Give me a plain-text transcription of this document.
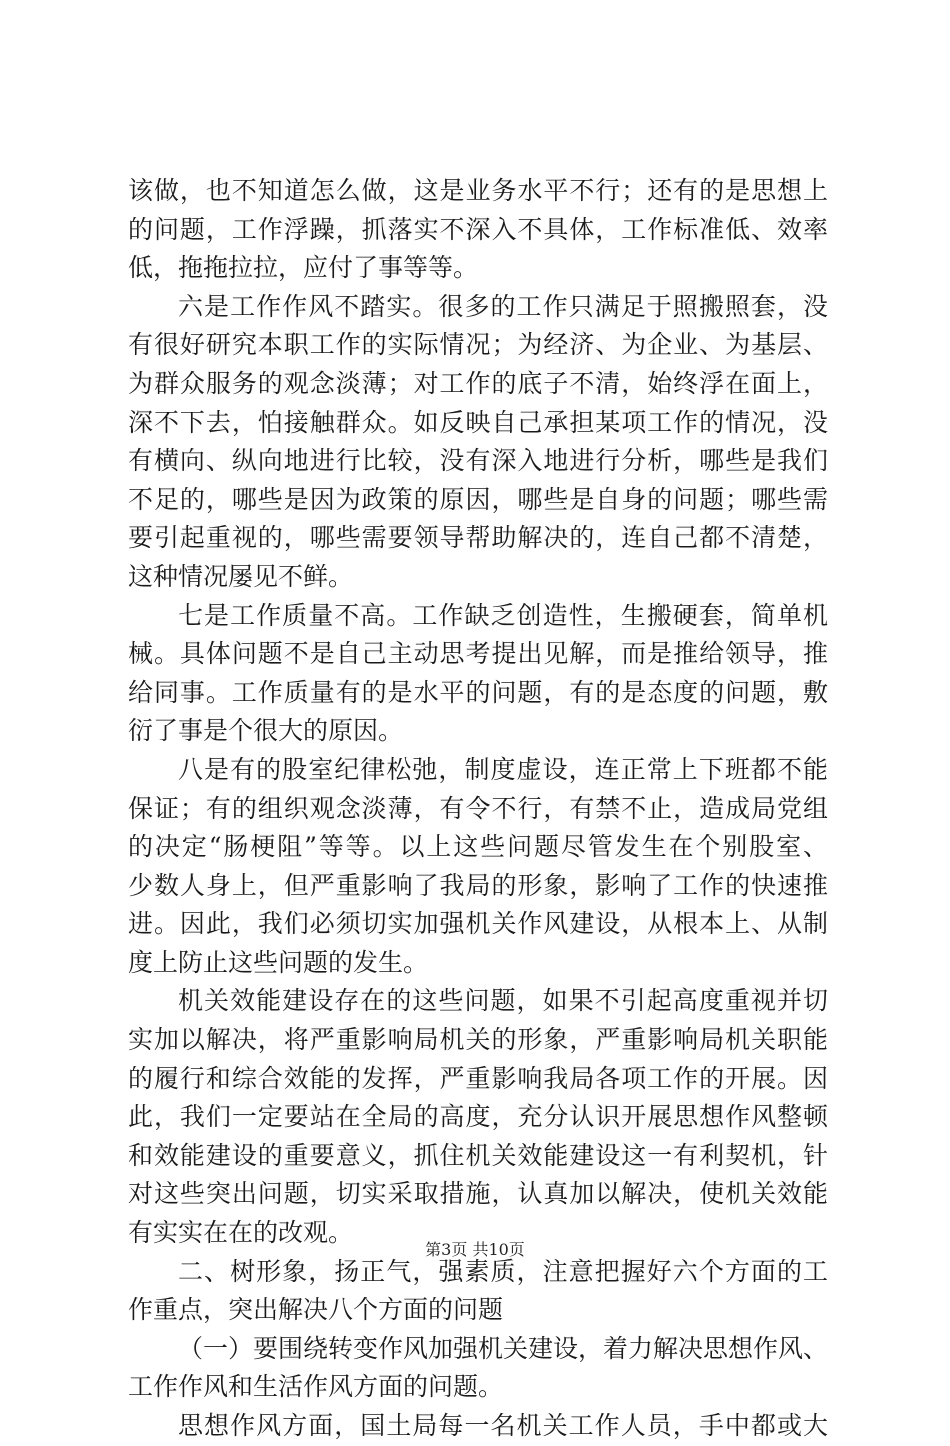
该做，也不知道怎么做，这是业务水平不行；还有的是思想上
的问题，工作浮躁，抓落实不深入不具体，工作标准低、效率
低，拖拖拉拉，应付了事等等。
六是工作作风不踏实。很多的工作只满足于照搬照套，没
有很好研究本职工作的实际情况；为经济、为企业、为基层、
为群众服务的观念淡薄；对工作的底子不清，始终浮在面上，
深不下去，怕接触群众。如反映自己承担某项工作的情况，没
有横向、纵向地进行比较，没有深入地进行分析，哪些是我们
不足的，哪些是因为政策的原因，哪些是自身的问题；哪些需
要引起重视的，哪些需要领导帮助解决的，连自己都不清楚，
这种情况屡见不鲜。
七是工作质量不高。工作缺乏创造性，生搬硬套，简单机
械。具体问题不是自己主动思考提出见解，而是推给领导，推
给同事。工作质量有的是水平的问题，有的是态度的问题，敷
衍了事是个很大的原因。
八是有的股室纪律松弛，制度虚设，连正常上下班都不能
保证；有的组织观念淡薄，有令不行，有禁不止，造成局党组
的决定“肠梗阻”等等。以上这些问题尽管发生在个别股室、
少数人身上，但严重影响了我局的形象，影响了工作的快速推
进。因此，我们必须切实加强机关作风建设，从根本上、从制
度上防止这些问题的发生。
机关效能建设存在的这些问题，如果不引起高度重视并切
实加以解决，将严重影响局机关的形象，严重影响局机关职能
的履行和综合效能的发挥，严重影响我局各项工作的开展。因
此，我们一定要站在全局的高度，充分认识开展思想作风整顿
和效能建设的重要意义，抓住机关效能建设这一有利契机，针
对这些突出问题，切实采取措施，认真加以解决，使机关效能
有实实在在的改观。
二、树形象，扬正气，强素质，注意把握好六个方面的工
作重点，突出解决八个方面的问题
（一）要围绕转变作风加强机关建设，着力解决思想作风、
工作作风和生活作风方面的问题。
思想作风方面，国土局每一名机关工作人员，手中都或大
第3页 共10页
